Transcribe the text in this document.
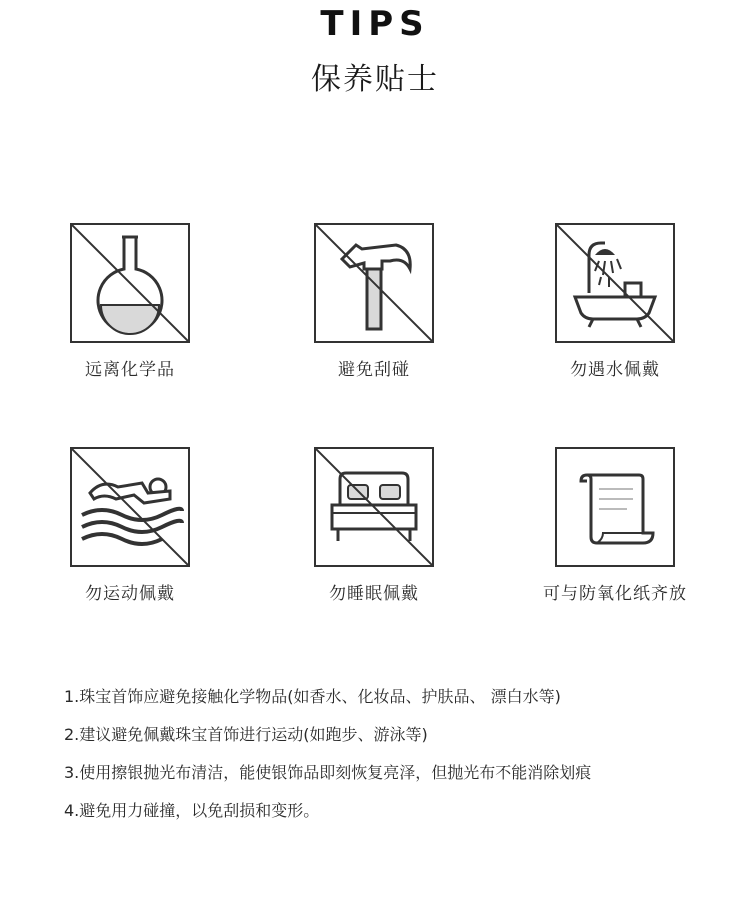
TIPS
保养贴士
远离化学品	避免刮碰	勿遇水佩戴
勿运动佩戴	勿睡眠佩戴	可与防氧化纸齐放
1.珠宝首饰应避免接触化学物品(如香水、化妆品、护肤品、 漂白水等)
2.建议避免佩戴珠宝首饰进行运动(如跑步、游泳等)
3.使用擦银抛光布清洁，能使银饰品即刻恢复亮泽，但抛光布不能消除划痕
4.避免用力碰撞，以免刮损和变形。
